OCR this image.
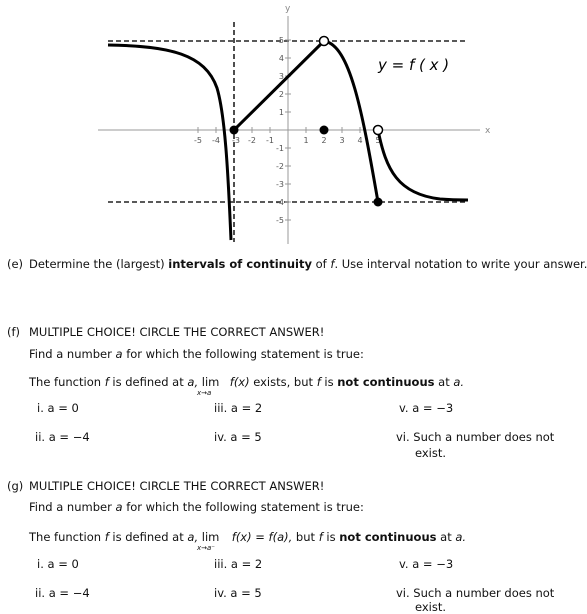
y
x
-5 -4 -3 -2 -1	1 2 3 4 5
1
2
3
4
5
-1
-2
-3
-4
-5
y = f ( x )
(e) Determine the (largest) intervals of continuity of f. Use interval notation to write your answer.
(f) MULTIPLE CHOICE! CIRCLE THE CORRECT ANSWER!
Find a number a for which the following statement is true:
The function f is defined at a, lim f(x) exists, but f is not continuous at a.
x→a
i. a = 0	iii. a = 2	v. a = −3
ii. a = −4	iv. a = 5	vi. Such a number does not
exist.
(g) MULTIPLE CHOICE! CIRCLE THE CORRECT ANSWER!
Find a number a for which the following statement is true:
The function f is defined at a, lim f(x) = f(a), but f is not continuous at a.
x→a⁻
i. a = 0	iii. a = 2	v. a = −3
ii. a = −4	iv. a = 5	vi. Such a number does not
exist.
